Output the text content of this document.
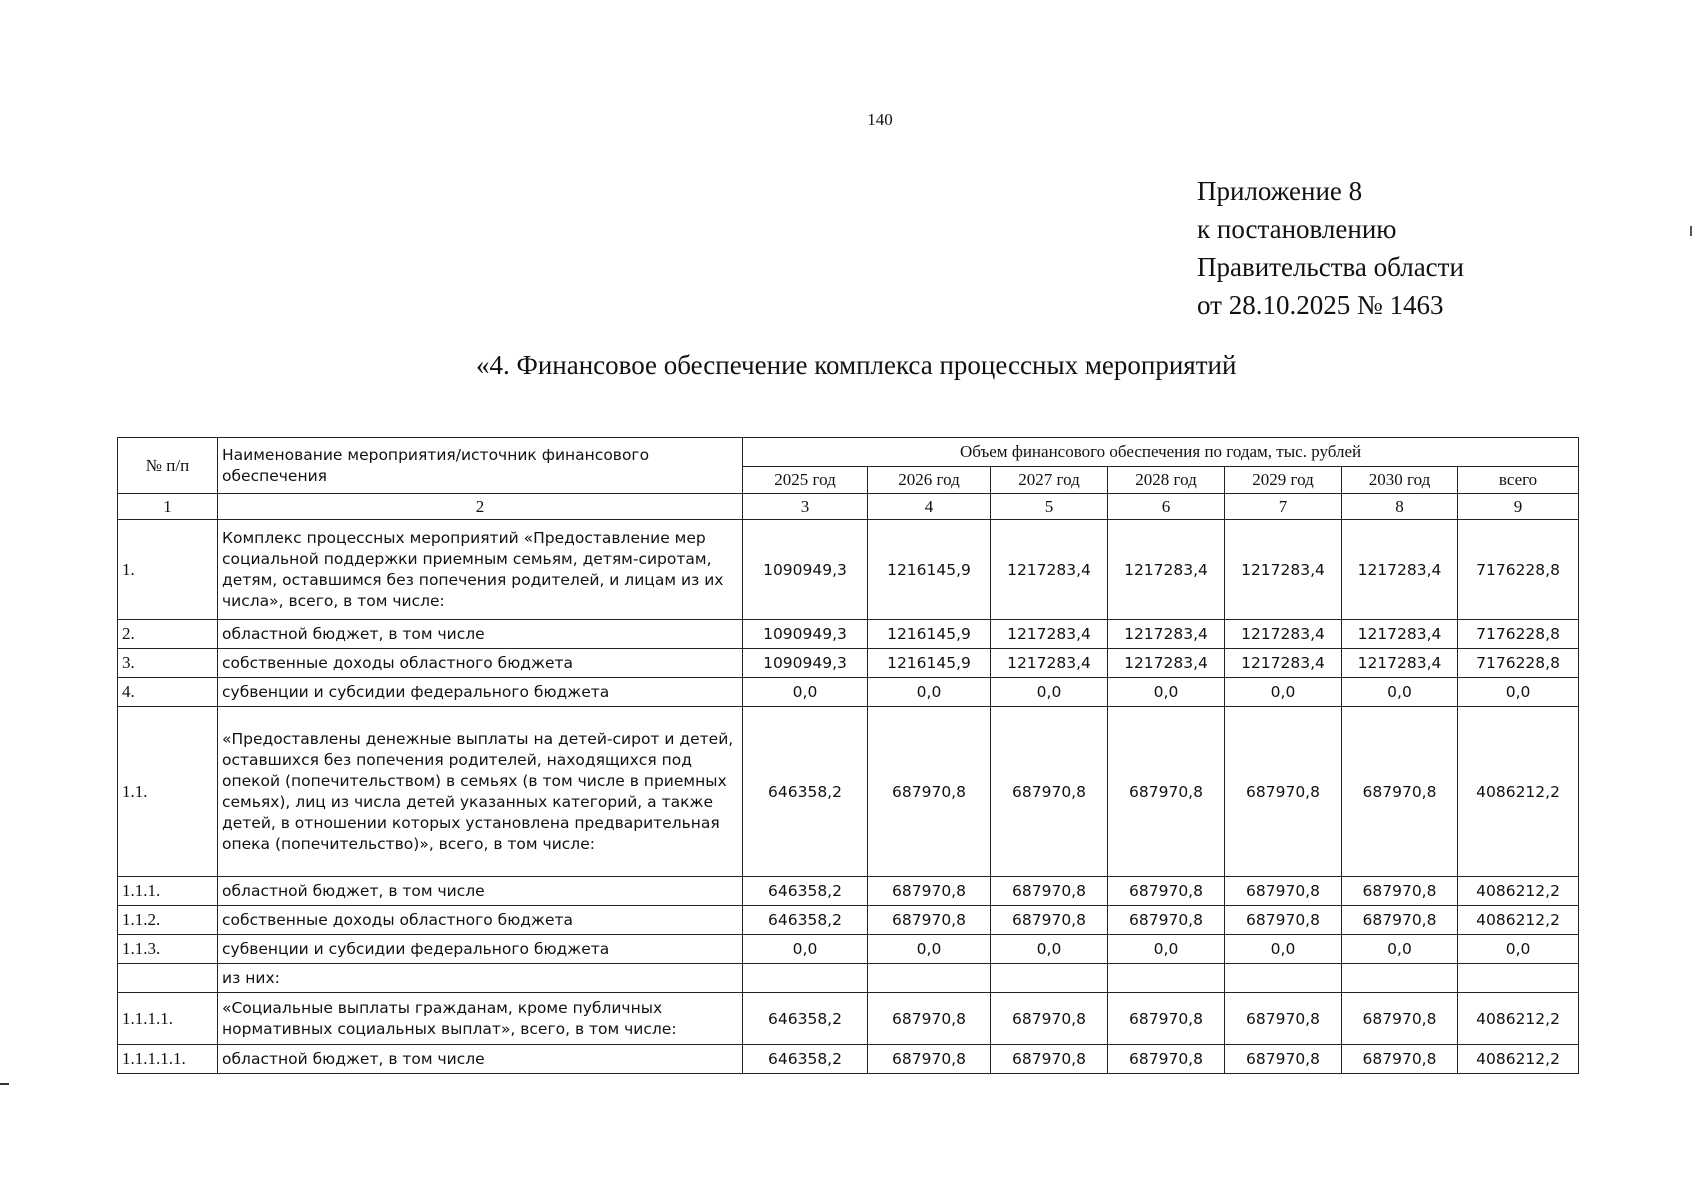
140
Приложение 8
к постановлению
Правительства области
от 28.10.2025 № 1463
«4. Финансовое обеспечение комплекса процессных мероприятий
№ п/п	Наименование мероприятия/источник финансового обеспечения	Объем финансового обеспечения по годам, тыс. рублей						
		2025 год	2026 год	2027 год	2028 год	2029 год	2030 год	всего
1	2	3	4	5	6	7	8	9
1.	Комплекс процессных мероприятий «Предоставление мер социальной поддержки приемным семьям, детям-сиротам, детям, оставшимся без попечения родителей, и лицам из их числа», всего, в том числе:	1090949,3	1216145,9	1217283,4	1217283,4	1217283,4	1217283,4	7176228,8
2.	областной бюджет, в том числе	1090949,3	1216145,9	1217283,4	1217283,4	1217283,4	1217283,4	7176228,8
3.	собственные доходы областного бюджета	1090949,3	1216145,9	1217283,4	1217283,4	1217283,4	1217283,4	7176228,8
4.	субвенции и субсидии федерального бюджета	0,0	0,0	0,0	0,0	0,0	0,0	0,0
1.1.	«Предоставлены денежные выплаты на детей-сирот и детей, оставшихся без попечения родителей, находящихся под опекой (попечительством) в семьях (в том числе в приемных семьях), лиц из числа детей указанных категорий, а также детей, в отношении которых установлена предварительная опека (попечительство)», всего, в том числе:	646358,2	687970,8	687970,8	687970,8	687970,8	687970,8	4086212,2
1.1.1.	областной бюджет, в том числе	646358,2	687970,8	687970,8	687970,8	687970,8	687970,8	4086212,2
1.1.2.	собственные доходы областного бюджета	646358,2	687970,8	687970,8	687970,8	687970,8	687970,8	4086212,2
1.1.3.	субвенции и субсидии федерального бюджета	0,0	0,0	0,0	0,0	0,0	0,0	0,0
	из них:							
1.1.1.1.	«Социальные выплаты гражданам, кроме публичных нормативных социальных выплат», всего, в том числе:	646358,2	687970,8	687970,8	687970,8	687970,8	687970,8	4086212,2
1.1.1.1.1.	областной бюджет, в том числе	646358,2	687970,8	687970,8	687970,8	687970,8	687970,8	4086212,2
